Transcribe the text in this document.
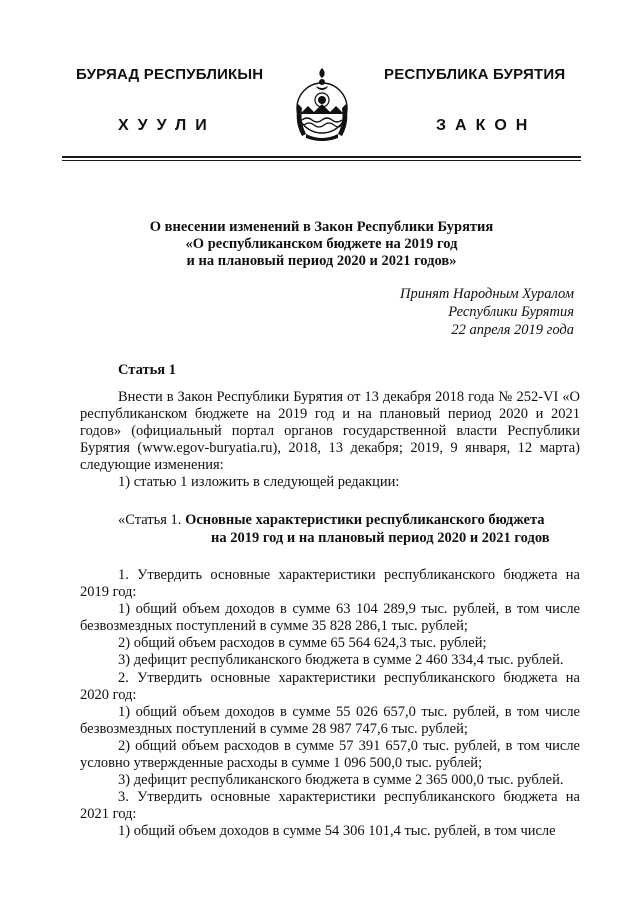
БУРЯАД РЕСПУБЛИКЫН	РЕСПУБЛИКА БУРЯТИЯ
ХУУЛИ	ЗАКОН
О внесении изменений в Закон Республики Бурятия
«О республиканском бюджете на 2019 год
и на плановый период 2020 и 2021 годов»
Принят Народным Хуралом
Республики Бурятия
22 апреля 2019 года
Статья 1

Внести в Закон Республики Бурятия от 13 декабря 2018 года № 252-VI «О республиканском бюджете на 2019 год и на плановый период 2020 и 2021 годов» (официальный портал органов государственной власти Республики Бурятия (www.egov-buryatia.ru), 2018, 13 декабря; 2019, 9 января, 12 марта) следующие изменения:

1) статью 1 изложить в следующей редакции:

«Статья 1. Основные характеристики республиканского бюджета
на 2019 год и на плановый период 2020 и 2021 годов

1. Утвердить основные характеристики республиканского бюджета на 2019 год:

1) общий объем доходов в сумме 63 104 289,9 тыс. рублей, в том числе безвозмездных поступлений в сумме 35 828 286,1 тыс. рублей;

2) общий объем расходов в сумме 65 564 624,3 тыс. рублей;

3) дефицит республиканского бюджета в сумме 2 460 334,4 тыс. рублей.

2. Утвердить основные характеристики республиканского бюджета на 2020 год:

1) общий объем доходов в сумме 55 026 657,0 тыс. рублей, в том числе безвозмездных поступлений в сумме 28 987 747,6 тыс. рублей;

2) общий объем расходов в сумме 57 391 657,0 тыс. рублей, в том числе условно утвержденные расходы в сумме 1 096 500,0 тыс. рублей;

3) дефицит республиканского бюджета в сумме 2 365 000,0 тыс. рублей.

3. Утвердить основные характеристики республиканского бюджета на 2021 год:

1) общий объем доходов в сумме 54 306 101,4 тыс. рублей, в том числе
